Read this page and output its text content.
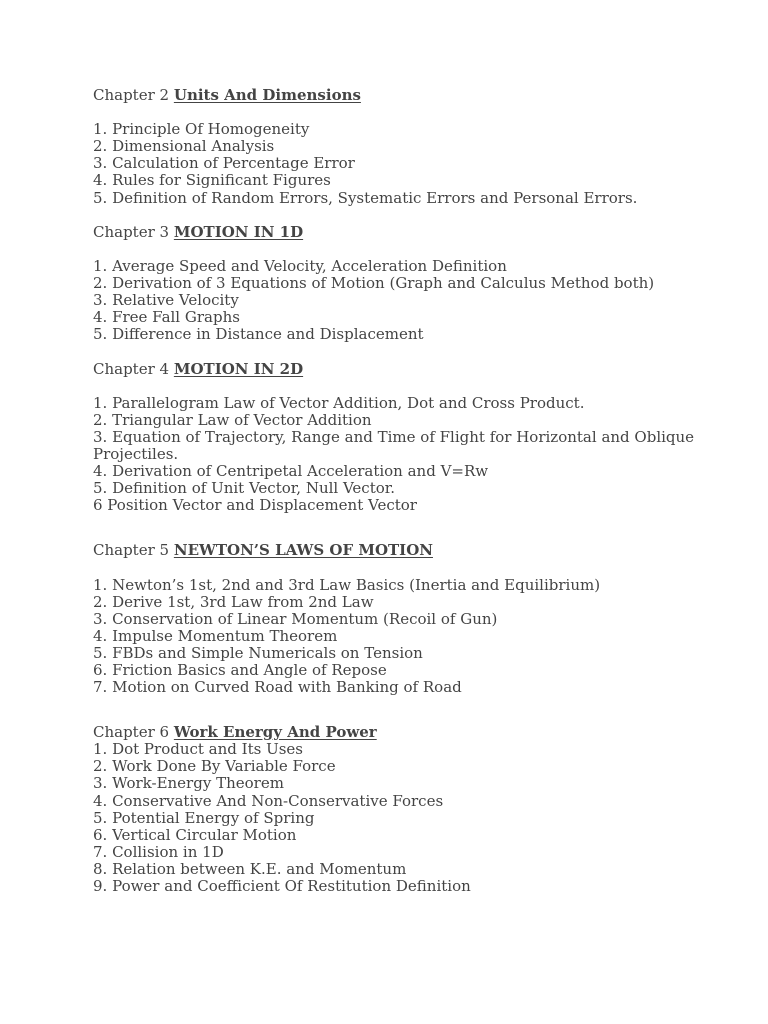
Chapter 2 Units And Dimensions

1. Principle Of Homogeneity
2. Dimensional Analysis
3. Calculation of Percentage Error
4. Rules for Significant Figures
5. Definition of Random Errors, Systematic Errors and Personal Errors.

Chapter 3 MOTION IN 1D

1. Average Speed and Velocity, Acceleration Definition
2. Derivation of 3 Equations of Motion (Graph and Calculus Method both)
3. Relative Velocity
4. Free Fall Graphs
5. Difference in Distance and Displacement

Chapter 4 MOTION IN 2D

1. Parallelogram Law of Vector Addition, Dot and Cross Product.
2. Triangular Law of Vector Addition
3. Equation of Trajectory, Range and Time of Flight for Horizontal and Oblique Projectiles.
4. Derivation of Centripetal Acceleration and V=Rw
5. Definition of Unit Vector, Null Vector.
6 Position Vector and Displacement Vector

Chapter 5 NEWTON’S LAWS OF MOTION

1. Newton’s 1st, 2nd and 3rd Law Basics (Inertia and Equilibrium)
2. Derive 1st, 3rd Law from 2nd Law
3. Conservation of Linear Momentum (Recoil of Gun)
4. Impulse Momentum Theorem
5. FBDs and Simple Numericals on Tension
6. Friction Basics and Angle of Repose
7. Motion on Curved Road with Banking of Road

Chapter 6 Work Energy And Power

1. Dot Product and Its Uses
2. Work Done By Variable Force
3. Work-Energy Theorem
4. Conservative And Non-Conservative Forces
5. Potential Energy of Spring
6. Vertical Circular Motion
7. Collision in 1D
8. Relation between K.E. and Momentum
9. Power and Coefficient Of Restitution Definition
